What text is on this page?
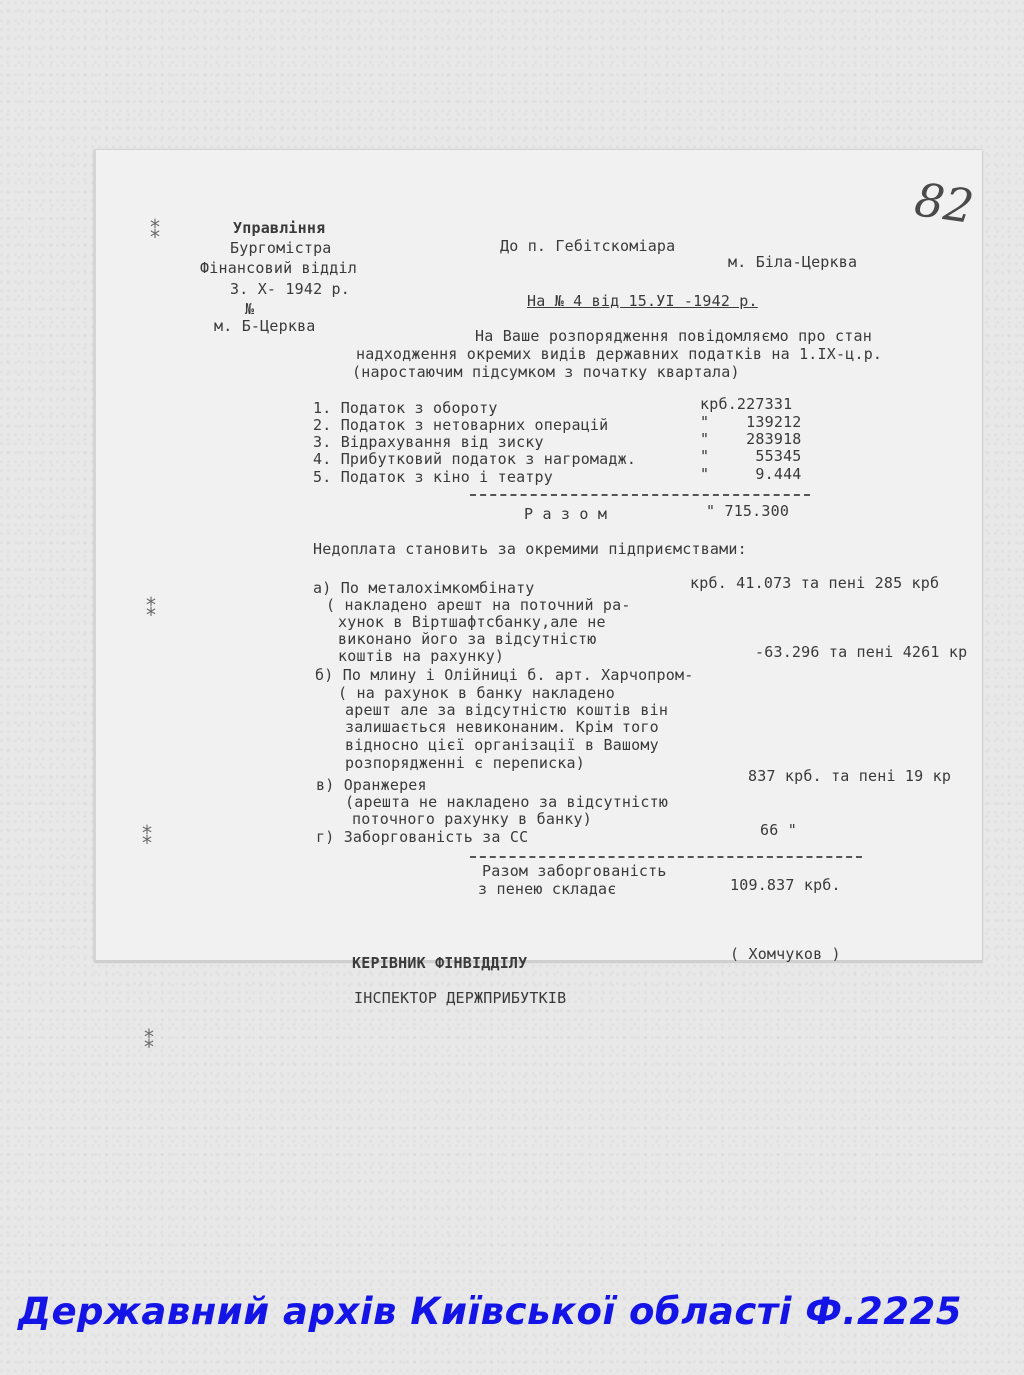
⁑
⁑
⁑
⁑
82
Управління
Бургомістра
Фінансовий відділ
3. Х- 1942 р.
№
м. Б-Церква
До п. Гебітскоміара
м. Біла-Церква
На № 4 від 15.УІ -1942 р.
На Ваше розпорядження повідомляємо про стан
надходження окремих видів державних податків на 1.ІХ-ц.р.
(наростаючим підсумком з початку квартала)
1. Податок з обороту	крб.227331
2. Податок з нетоварних операцій	"    139212
3. Відрахування від зиску	"    283918
4. Прибутковий податок з нагромадж.	"     55345
5. Податок з кіно і театру	"     9.444
Р а з о м	" 715.300
Недоплата становить за окремими підприємствами:
а) По металохімкомбінату	крб. 41.073 та пені 285 крб
( накладено арешт на поточний ра-
хунок в Віртшафтсбанку,але не
виконано його за відсутністю
коштів на рахунку)	-63.296 та пені 4261 кр
б) По млину і Олійниці б. арт. Харчопром-
( на рахунок в банку накладено
арешт але за відсутністю коштів він
залишається невиконаним. Крім того
відносно цієї організації в Вашому
розпорядженні є переписка)
в) Оранжерея	837 крб. та пені 19 кр
(арешта не накладено за відсутністю
поточного рахунку в банку)
г) Заборгованість за СС	66 "
Разом заборгованість
з пенею складає	109.837 крб.
КЕРІВНИК ФІНВІДДІЛУ	( Хомчуков )
ІНСПЕКТОР ДЕРЖПРИБУТКІВ
Державний архів Київської області Ф.2225
